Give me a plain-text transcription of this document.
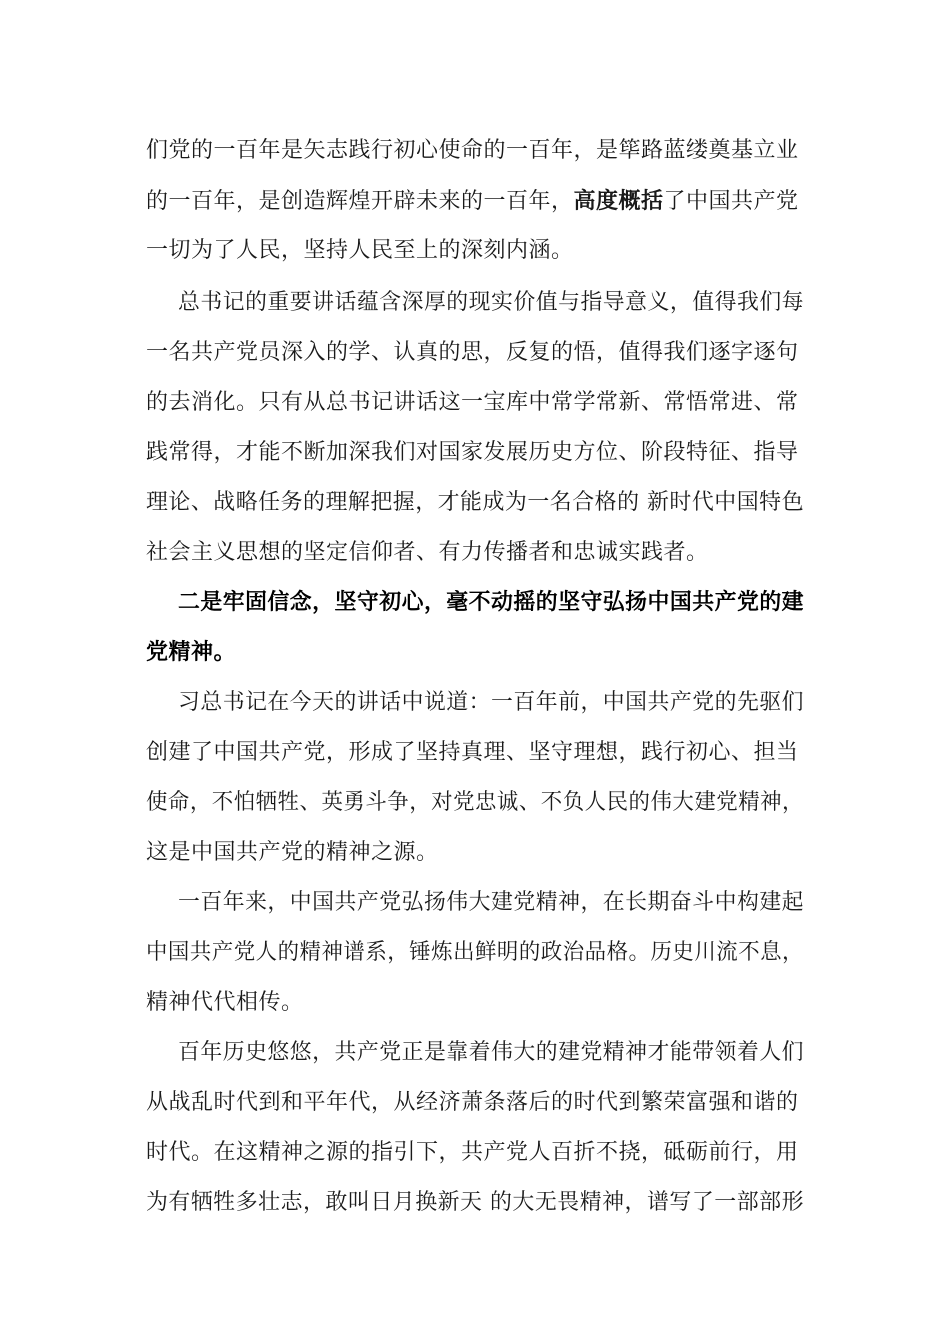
们党的一百年是矢志践行初心使命的一百年，是筚路蓝缕奠基立业
的一百年，是创造辉煌开辟未来的一百年，高度概括了中国共产党
一切为了人民，坚持人民至上的深刻内涵。
总书记的重要讲话蕴含深厚的现实价值与指导意义，值得我们每
一名共产党员深入的学、认真的思，反复的悟，值得我们逐字逐句
的去消化。只有从总书记讲话这一宝库中常学常新、常悟常进、常
践常得，才能不断加深我们对国家发展历史方位、阶段特征、指导
理论、战略任务的理解把握，才能成为一名合格的 新时代中国特色
社会主义思想的坚定信仰者、有力传播者和忠诚实践者。
二是牢固信念，坚守初心，毫不动摇的坚守弘扬中国共产党的建
党精神。
习总书记在今天的讲话中说道：一百年前，中国共产党的先驱们
创建了中国共产党，形成了坚持真理、坚守理想，践行初心、担当
使命，不怕牺牲、英勇斗争，对党忠诚、不负人民的伟大建党精神，
这是中国共产党的精神之源。
一百年来，中国共产党弘扬伟大建党精神，在长期奋斗中构建起
中国共产党人的精神谱系，锤炼出鲜明的政治品格。历史川流不息，
精神代代相传。
百年历史悠悠，共产党正是靠着伟大的建党精神才能带领着人们
从战乱时代到和平年代，从经济萧条落后的时代到繁荣富强和谐的
时代。在这精神之源的指引下，共产党人百折不挠，砥砺前行，用
为有牺牲多壮志，敢叫日月换新天 的大无畏精神，谱写了一部部形
